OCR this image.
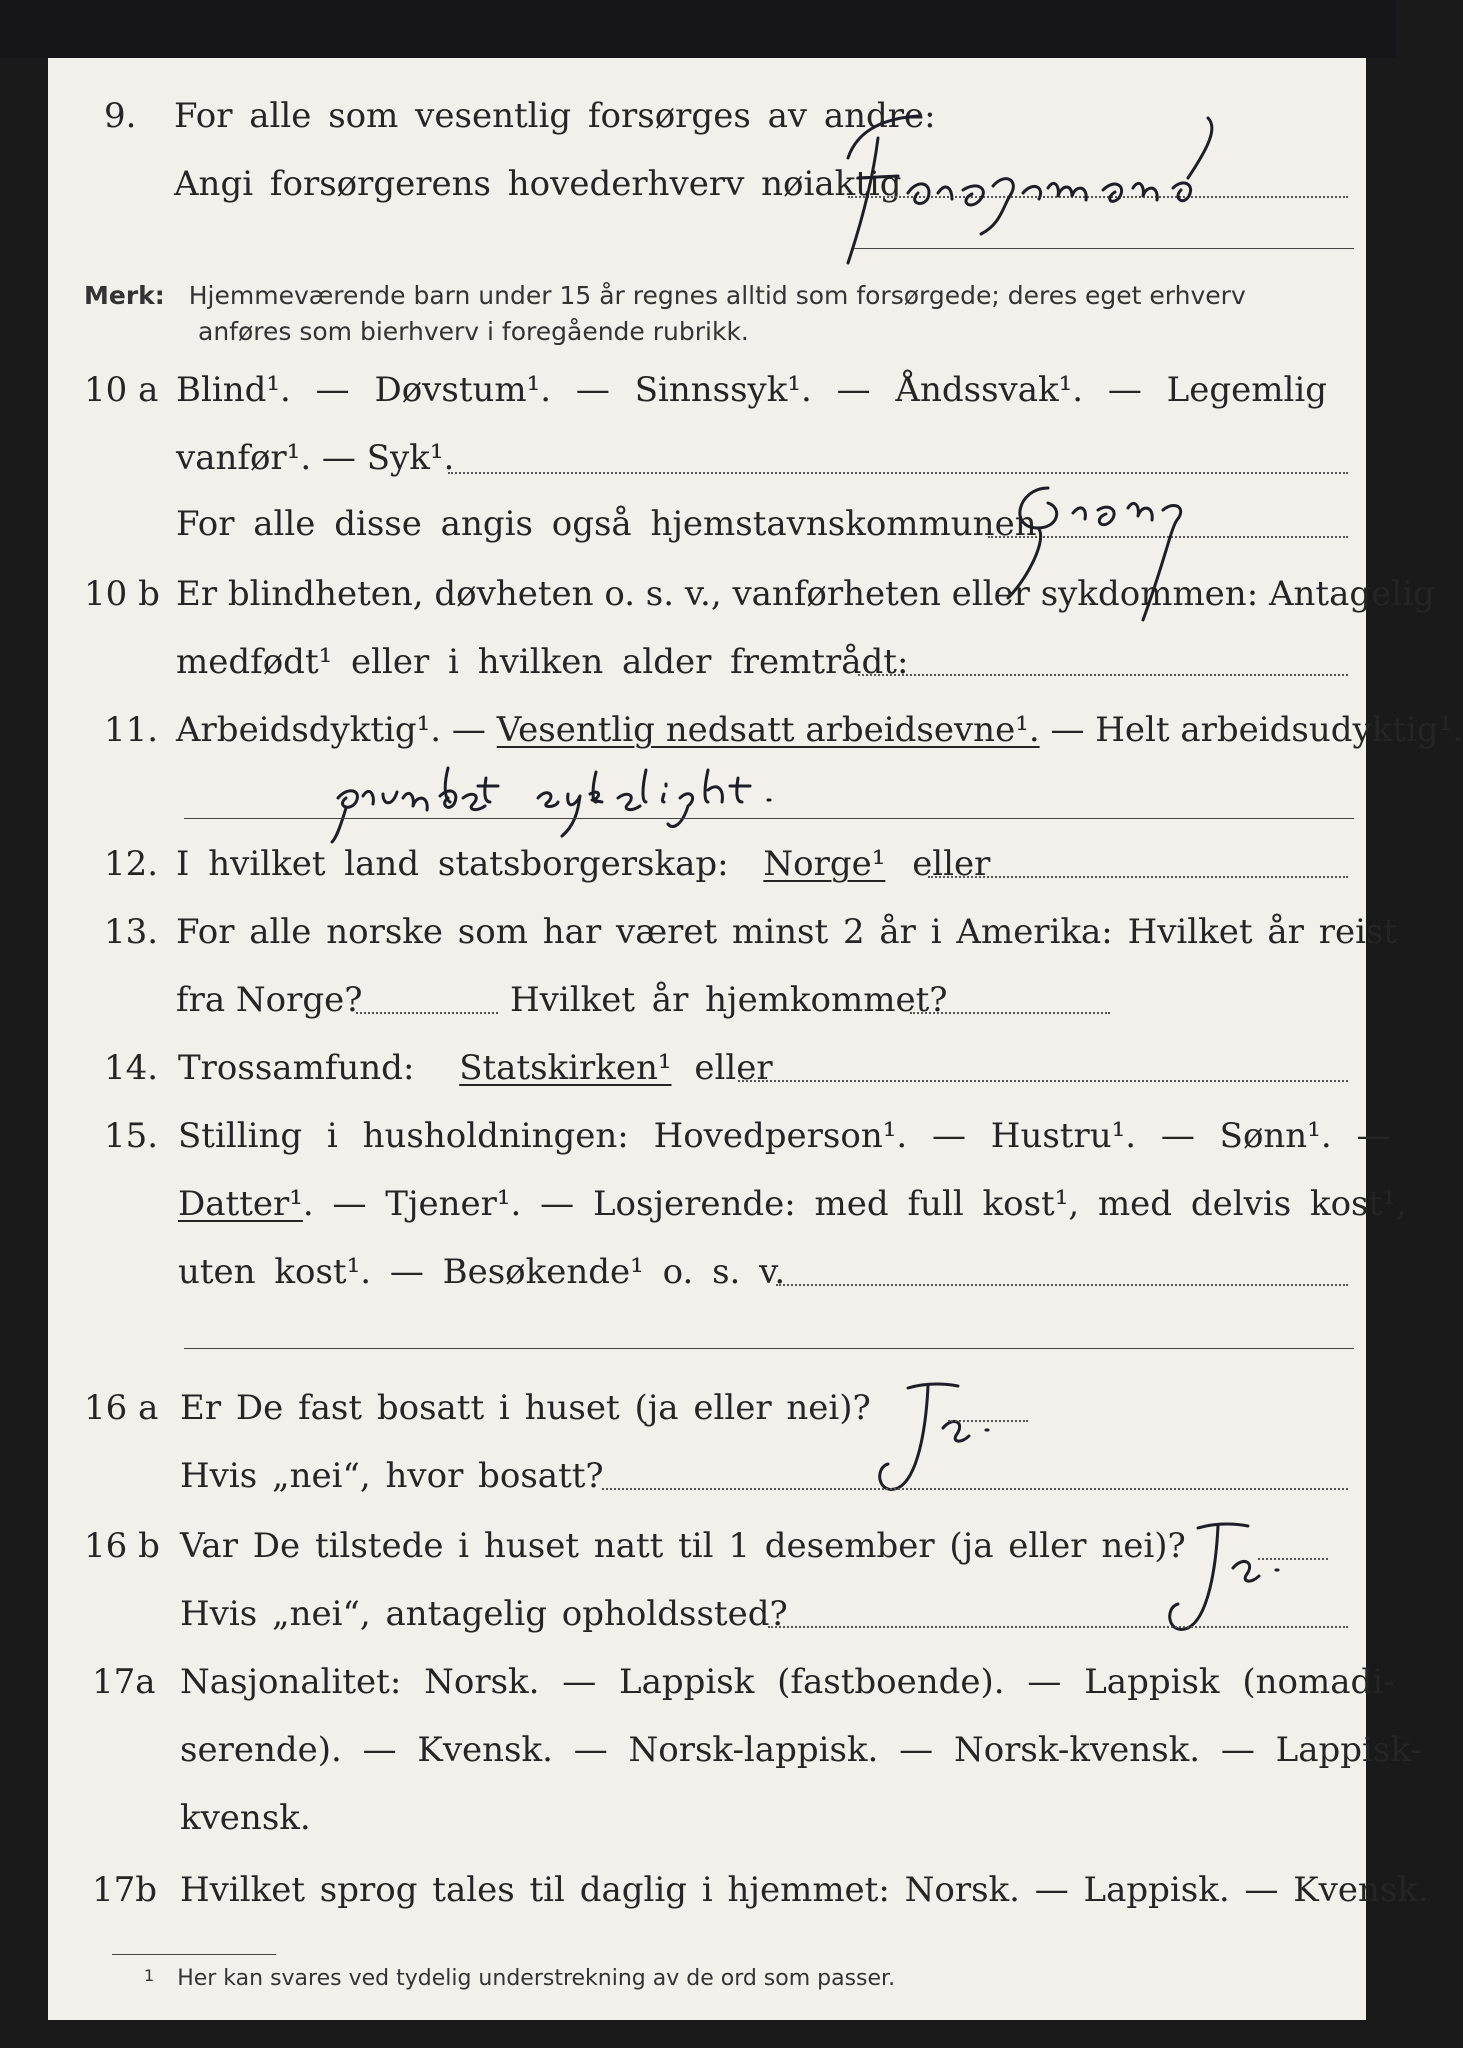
9. For alle som vesentlig forsørges av andre:
Angi forsørgerens hovederhverv nøiaktig
Merk: Hjemmeværende barn under 15 år regnes alltid som forsørgede; deres eget erhverv
anføres som bierhverv i foregående rubrikk.
10 a Blind¹. — Døvstum¹. — Sinnssyk¹. — Åndssvak¹. — Legemlig
vanfør¹. — Syk¹.
For alle disse angis også hjemstavnskommunen
10 b Er blindheten, døvheten o. s. v., vanførheten eller sykdommen: Antagelig
medfødt¹ eller i hvilken alder fremtrådt:
11. Arbeidsdyktig¹. — Vesentlig nedsatt arbeidsevne¹. — Helt arbeidsudyktig¹.
12. I hvilket land statsborgerskap: Norge¹ eller
13. For alle norske som har været minst 2 år i Amerika: Hvilket år reist
fra Norge?	Hvilket år hjemkommet?
14. Trossamfund: Statskirken¹ eller
15. Stilling i husholdningen: Hovedperson¹. — Hustru¹. — Sønn¹. —
Datter¹. — Tjener¹. — Losjerende: med full kost¹, med delvis kost¹,
uten kost¹. — Besøkende¹ o. s. v.
16 a Er De fast bosatt i huset (ja eller nei)?
Hvis „nei“, hvor bosatt?
16 b Var De tilstede i huset natt til 1 desember (ja eller nei)?
Hvis „nei“, antagelig opholdssted?
17a Nasjonalitet: Norsk. — Lappisk (fastboende). — Lappisk (nomadi-
serende). — Kvensk. — Norsk-lappisk. — Norsk-kvensk. — Lappisk-
kvensk.
17b Hvilket sprog tales til daglig i hjemmet: Norsk. — Lappisk. — Kvensk.
$^1$ Her kan svares ved tydelig understrekning av de ord som passer.
